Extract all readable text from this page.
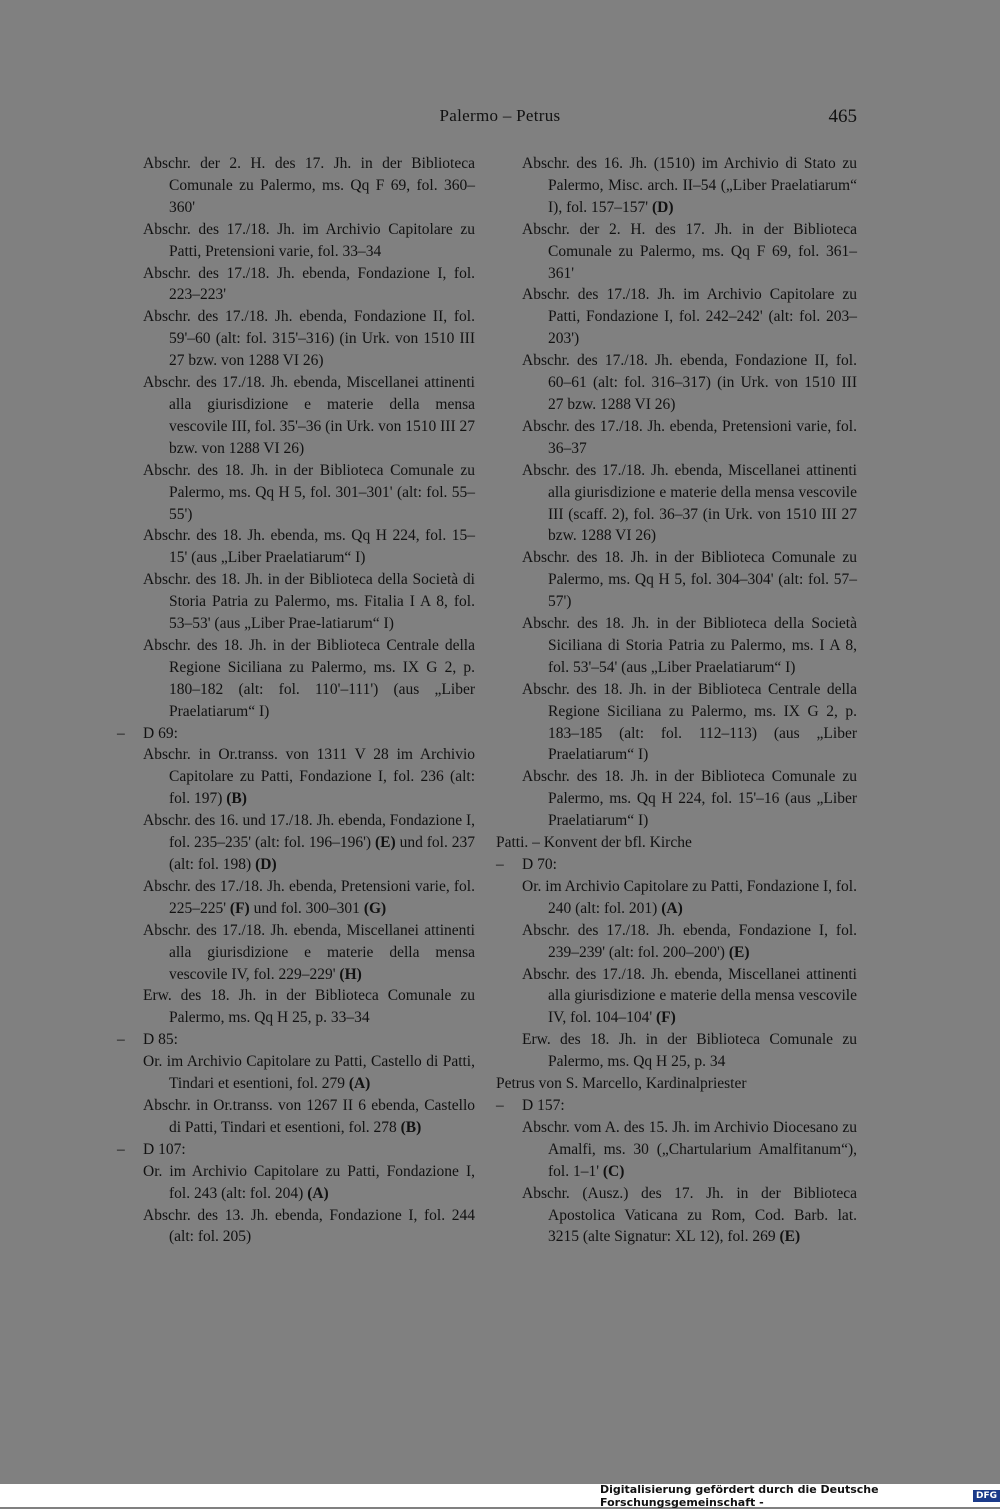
Palermo – Petrus	465

Abschr. der 2. H. des 17. Jh. in der Biblioteca Comunale zu Palermo, ms. Qq F 69, fol. 360–360'

Abschr. des 17./18. Jh. im Archivio Capitolare zu Patti, Pretensioni varie, fol. 33–34

Abschr. des 17./18. Jh. ebenda, Fondazione I, fol. 223–223'

Abschr. des 17./18. Jh. ebenda, Fondazione II, fol. 59'–60 (alt: fol. 315'–316) (in Urk. von 1510 III 27 bzw. von 1288 VI 26)

Abschr. des 17./18. Jh. ebenda, Miscellanei attinenti alla giurisdizione e materie della mensa vescovile III, fol. 35'–36 (in Urk. von 1510 III 27 bzw. von 1288 VI 26)

Abschr. des 18. Jh. in der Biblioteca Comunale zu Palermo, ms. Qq H 5, fol. 301–301' (alt: fol. 55–55')

Abschr. des 18. Jh. ebenda, ms. Qq H 224, fol. 15–15' (aus „Liber Praelatiarum“ I)

Abschr. des 18. Jh. in der Biblioteca della Società di Storia Patria zu Palermo, ms. Fitalia I A 8, fol. 53–53' (aus „Liber Prae-latiarum“ I)

Abschr. des 18. Jh. in der Biblioteca Centrale della Regione Siciliana zu Palermo, ms. IX G 2, p. 180–182 (alt: fol. 110'–111') (aus „Liber Praelatiarum“ I)

– D 69:

Abschr. in Or.transs. von 1311 V 28 im Archivio Capitolare zu Patti, Fondazione I, fol. 236 (alt: fol. 197) (B)

Abschr. des 16. und 17./18. Jh. ebenda, Fondazione I, fol. 235–235' (alt: fol. 196–196') (E) und fol. 237 (alt: fol. 198) (D)

Abschr. des 17./18. Jh. ebenda, Pretensioni varie, fol. 225–225' (F) und fol. 300–301 (G)

Abschr. des 17./18. Jh. ebenda, Miscellanei attinenti alla giurisdizione e materie della mensa vescovile IV, fol. 229–229' (H)

Erw. des 18. Jh. in der Biblioteca Comunale zu Palermo, ms. Qq H 25, p. 33–34

– D 85:

Or. im Archivio Capitolare zu Patti, Castello di Patti, Tindari et esentioni, fol. 279 (A)

Abschr. in Or.transs. von 1267 II 6 ebenda, Castello di Patti, Tindari et esentioni, fol. 278 (B)

– D 107:

Or. im Archivio Capitolare zu Patti, Fondazione I, fol. 243 (alt: fol. 204) (A)

Abschr. des 13. Jh. ebenda, Fondazione I, fol. 244 (alt: fol. 205)

Abschr. des 16. Jh. (1510) im Archivio di Stato zu Palermo, Misc. arch. II–54 („Liber Praelatiarum“ I), fol. 157–157' (D)

Abschr. der 2. H. des 17. Jh. in der Biblioteca Comunale zu Palermo, ms. Qq F 69, fol. 361–361'

Abschr. des 17./18. Jh. im Archivio Capitolare zu Patti, Fondazione I, fol. 242–242' (alt: fol. 203–203')

Abschr. des 17./18. Jh. ebenda, Fondazione II, fol. 60–61 (alt: fol. 316–317) (in Urk. von 1510 III 27 bzw. 1288 VI 26)

Abschr. des 17./18. Jh. ebenda, Pretensioni varie, fol. 36–37

Abschr. des 17./18. Jh. ebenda, Miscellanei attinenti alla giurisdizione e materie della mensa vescovile III (scaff. 2), fol. 36–37 (in Urk. von 1510 III 27 bzw. 1288 VI 26)

Abschr. des 18. Jh. in der Biblioteca Comunale zu Palermo, ms. Qq H 5, fol. 304–304' (alt: fol. 57–57')

Abschr. des 18. Jh. in der Biblioteca della Società Siciliana di Storia Patria zu Palermo, ms. I A 8, fol. 53'–54' (aus „Liber Praelatiarum“ I)

Abschr. des 18. Jh. in der Biblioteca Centrale della Regione Siciliana zu Palermo, ms. IX G 2, p. 183–185 (alt: fol. 112–113) (aus „Liber Praelatiarum“ I)

Abschr. des 18. Jh. in der Biblioteca Comunale zu Palermo, ms. Qq H 224, fol. 15'–16 (aus „Liber Praelatiarum“ I)

Patti. – Konvent der bfl. Kirche

– D 70:

Or. im Archivio Capitolare zu Patti, Fondazione I, fol. 240 (alt: fol. 201) (A)

Abschr. des 17./18. Jh. ebenda, Fondazione I, fol. 239–239' (alt: fol. 200–200') (E)

Abschr. des 17./18. Jh. ebenda, Miscellanei attinenti alla giurisdizione e materie della mensa vescovile IV, fol. 104–104' (F)

Erw. des 18. Jh. in der Biblioteca Comunale zu Palermo, ms. Qq H 25, p. 34

Petrus von S. Marcello, Kardinalpriester

– D 157:

Abschr. vom A. des 15. Jh. im Archivio Diocesano zu Amalfi, ms. 30 („Chartularium Amalfitanum“), fol. 1–1' (C)

Abschr. (Ausz.) des 17. Jh. in der Biblioteca Apostolica Vaticana zu Rom, Cod. Barb. lat. 3215 (alte Signatur: XL 12), fol. 269 (E)

Digitalisierung gefördert durch die Deutsche Forschungsgemeinschaft -	DFG
